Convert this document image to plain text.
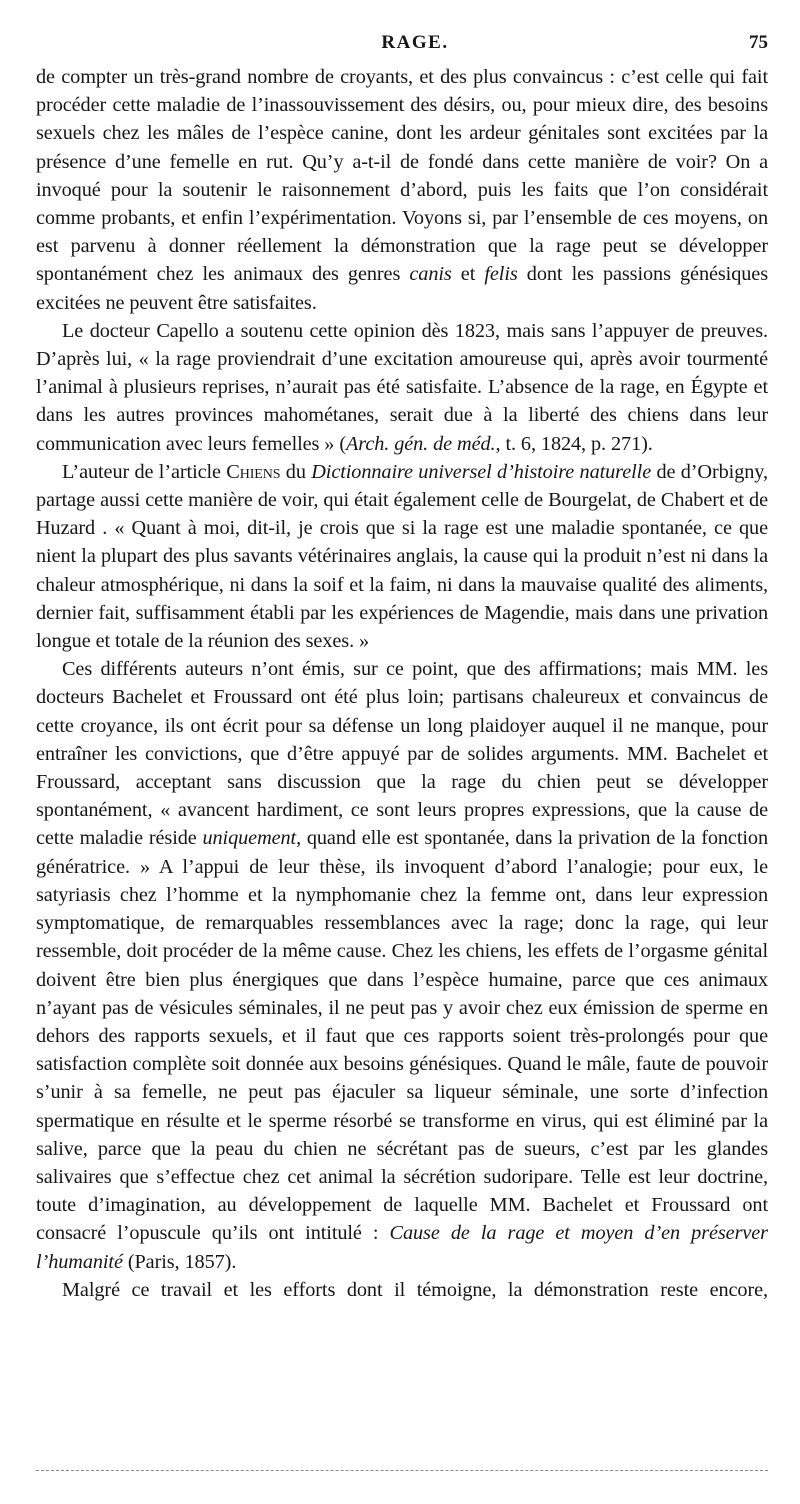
RAGE.	75

de compter un très-grand nombre de croyants, et des plus convaincus : c’est celle qui fait procéder cette maladie de l’inassouvissement des désirs, ou, pour mieux dire, des besoins sexuels chez les mâles de l’espèce canine, dont les ardeur génitales sont excitées par la présence d’une femelle en rut. Qu’y a-t-il de fondé dans cette manière de voir? On a invoqué pour la soutenir le raisonnement d’abord, puis les faits que l’on considérait comme probants, et enfin l’expérimentation. Voyons si, par l’ensemble de ces moyens, on est parvenu à donner réellement la démonstration que la rage peut se développer spontanément chez les animaux des genres canis et felis dont les passions génésiques excitées ne peuvent être satisfaites.

Le docteur Capello a soutenu cette opinion dès 1823, mais sans l’appuyer de preuves. D’après lui, « la rage proviendrait d’une excitation amoureuse qui, après avoir tourmenté l’animal à plusieurs reprises, n’aurait pas été satisfaite. L’absence de la rage, en Égypte et dans les autres provinces mahométanes, serait due à la liberté des chiens dans leur communication avec leurs femelles » (Arch. gén. de méd., t. 6, 1824, p. 271).

L’auteur de l’article Chiens du Dictionnaire universel d’histoire naturelle de d’Orbigny, partage aussi cette manière de voir, qui était également celle de Bourgelat, de Chabert et de Huzard . « Quant à moi, dit-il, je crois que si la rage est une maladie spontanée, ce que nient la plupart des plus savants vétérinaires anglais, la cause qui la produit n’est ni dans la chaleur atmosphérique, ni dans la soif et la faim, ni dans la mauvaise qualité des aliments, dernier fait, suffisamment établi par les expériences de Magendie, mais dans une privation longue et totale de la réunion des sexes. »

Ces différents auteurs n’ont émis, sur ce point, que des affirmations; mais MM. les docteurs Bachelet et Froussard ont été plus loin; partisans chaleureux et convaincus de cette croyance, ils ont écrit pour sa défense un long plaidoyer auquel il ne manque, pour entraîner les convictions, que d’être appuyé par de solides arguments. MM. Bachelet et Froussard, acceptant sans discussion que la rage du chien peut se développer spontanément, « avancent hardiment, ce sont leurs propres expressions, que la cause de cette maladie réside uniquement, quand elle est spontanée, dans la privation de la fonction génératrice. » A l’appui de leur thèse, ils invoquent d’abord l’analogie; pour eux, le satyriasis chez l’homme et la nymphomanie chez la femme ont, dans leur expression symptomatique, de remarquables ressemblances avec la rage; donc la rage, qui leur ressemble, doit procéder de la même cause. Chez les chiens, les effets de l’orgasme génital doivent être bien plus énergiques que dans l’espèce humaine, parce que ces animaux n’ayant pas de vésicules séminales, il ne peut pas y avoir chez eux émission de sperme en dehors des rapports sexuels, et il faut que ces rapports soient très-prolongés pour que satisfaction complète soit donnée aux besoins génésiques. Quand le mâle, faute de pouvoir s’unir à sa femelle, ne peut pas éjaculer sa liqueur séminale, une sorte d’infection spermatique en résulte et le sperme résorbé se transforme en virus, qui est éliminé par la salive, parce que la peau du chien ne sécrétant pas de sueurs, c’est par les glandes salivaires que s’effectue chez cet animal la sécrétion sudoripare. Telle est leur doctrine, toute d’imagination, au développement de laquelle MM. Bachelet et Froussard ont consacré l’opuscule qu’ils ont intitulé : Cause de la rage et moyen d’en préserver l’humanité (Paris, 1857).

Malgré ce travail et les efforts dont il témoigne, la démonstration reste encore,
